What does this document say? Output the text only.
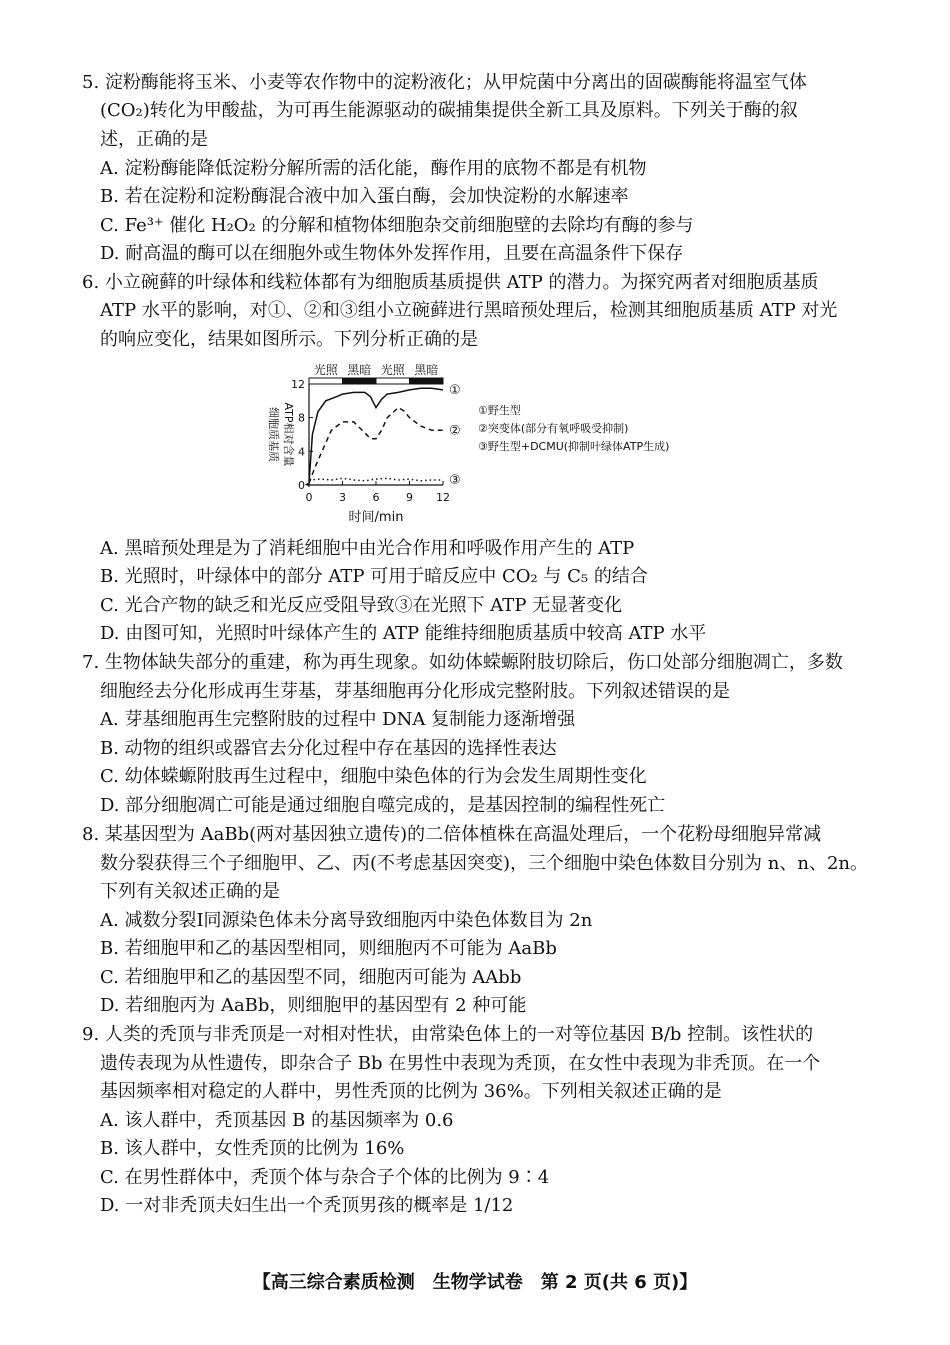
5. 淀粉酶能将玉米、小麦等农作物中的淀粉液化；从甲烷菌中分离出的固碳酶能将温室气体
(CO₂)转化为甲酸盐，为可再生能源驱动的碳捕集提供全新工具及原料。下列关于酶的叙
述，正确的是
A. 淀粉酶能降低淀粉分解所需的活化能，酶作用的底物不都是有机物
B. 若在淀粉和淀粉酶混合液中加入蛋白酶，会加快淀粉的水解速率
C. Fe³⁺ 催化 H₂O₂ 的分解和植物体细胞杂交前细胞壁的去除均有酶的参与
D. 耐高温的酶可以在细胞外或生物体外发挥作用，且要在高温条件下保存
6. 小立碗藓的叶绿体和线粒体都有为细胞质基质提供 ATP 的潜力。为探究两者对细胞质基质
ATP 水平的影响，对①、②和③组小立碗藓进行黑暗预处理后，检测其细胞质基质 ATP 对光
的响应变化，结果如图所示。下列分析正确的是
光照 黑暗 光照 黑暗
0
4
8
12
0 3 6 9 12
时间/min
细胞质基质 ATP相对含量
①
①野生型
② ②突变体(部分有氧呼吸受抑制)
③
③野生型+DCMU(抑制叶绿体ATP生成)
A. 黑暗预处理是为了消耗细胞中由光合作用和呼吸作用产生的 ATP
B. 光照时，叶绿体中的部分 ATP 可用于暗反应中 CO₂ 与 C₅ 的结合
C. 光合产物的缺乏和光反应受阻导致③在光照下 ATP 无显著变化
D. 由图可知，光照时叶绿体产生的 ATP 能维持细胞质基质中较高 ATP 水平
7. 生物体缺失部分的重建，称为再生现象。如幼体蝾螈附肢切除后，伤口处部分细胞凋亡，多数
细胞经去分化形成再生芽基，芽基细胞再分化形成完整附肢。下列叙述错误的是
A. 芽基细胞再生完整附肢的过程中 DNA 复制能力逐渐增强
B. 动物的组织或器官去分化过程中存在基因的选择性表达
C. 幼体蝾螈附肢再生过程中，细胞中染色体的行为会发生周期性变化
D. 部分细胞凋亡可能是通过细胞自噬完成的，是基因控制的编程性死亡
8. 某基因型为 AaBb(两对基因独立遗传)的二倍体植株在高温处理后，一个花粉母细胞异常减
数分裂获得三个子细胞甲、乙、丙(不考虑基因突变)，三个细胞中染色体数目分别为 n、n、2n。
下列有关叙述正确的是
A. 减数分裂Ⅰ同源染色体未分离导致细胞丙中染色体数目为 2n
B. 若细胞甲和乙的基因型相同，则细胞丙不可能为 AaBb
C. 若细胞甲和乙的基因型不同，细胞丙可能为 AAbb
D. 若细胞丙为 AaBb，则细胞甲的基因型有 2 种可能
9. 人类的秃顶与非秃顶是一对相对性状，由常染色体上的一对等位基因 B/b 控制。该性状的
遗传表现为从性遗传，即杂合子 Bb 在男性中表现为秃顶，在女性中表现为非秃顶。在一个
基因频率相对稳定的人群中，男性秃顶的比例为 36%。下列相关叙述正确的是
A. 该人群中，秃顶基因 B 的基因频率为 0.6
B. 该人群中，女性秃顶的比例为 16%
C. 在男性群体中，秃顶个体与杂合子个体的比例为 9∶4
D. 一对非秃顶夫妇生出一个秃顶男孩的概率是 1/12
【高三综合素质检测　生物学试卷　第 2 页(共 6 页)】
